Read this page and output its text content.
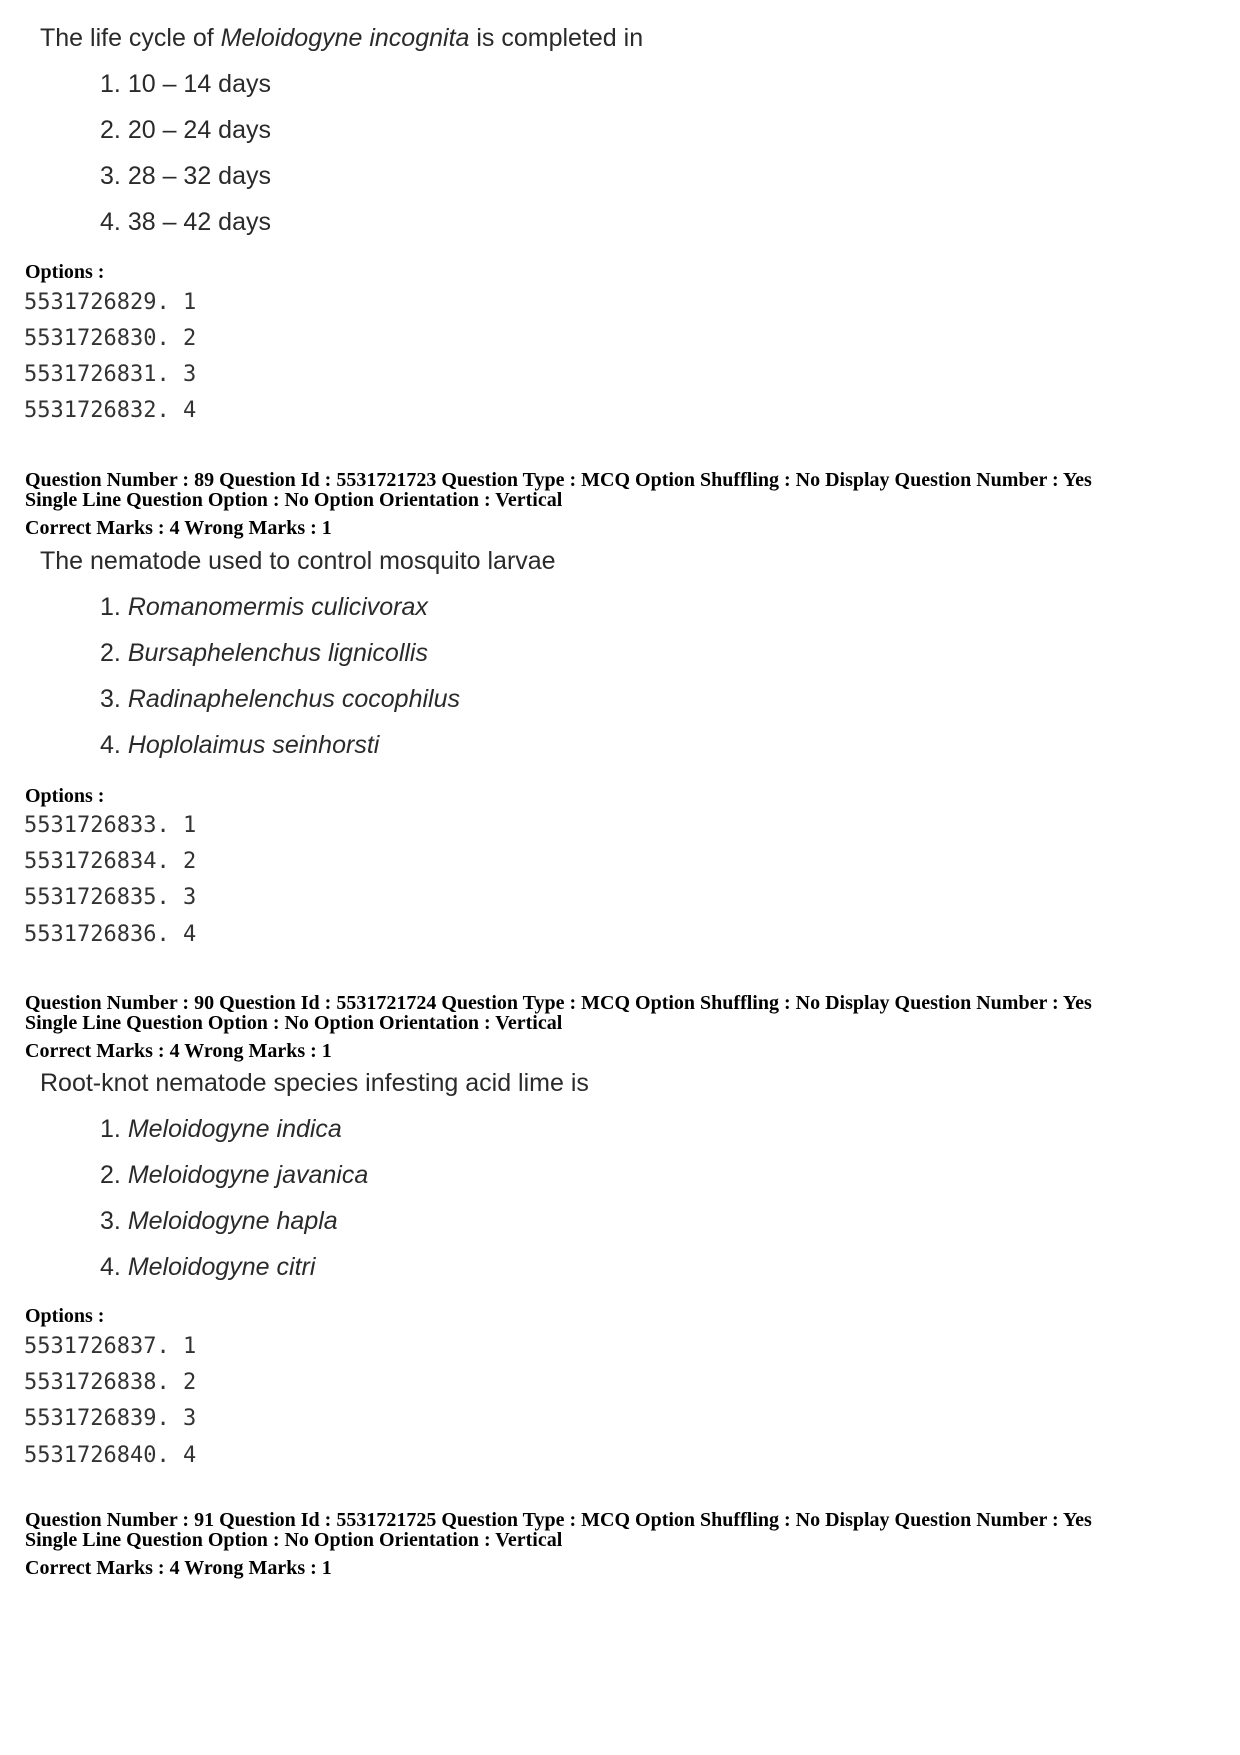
The life cycle of Meloidogyne incognita is completed in
1. 10 – 14 days
2. 20 – 24 days
3. 28 – 32 days
4. 38 – 42 days
Options :
5531726829. 1
5531726830. 2
5531726831. 3
5531726832. 4
Question Number : 89 Question Id : 5531721723 Question Type : MCQ Option Shuffling : No Display Question Number : Yes
Single Line Question Option : No Option Orientation : Vertical
Correct Marks : 4 Wrong Marks : 1
The nematode used to control mosquito larvae
1. Romanomermis culicivorax
2. Bursaphelenchus lignicollis
3. Radinaphelenchus cocophilus
4. Hoplolaimus seinhorsti
Options :
5531726833. 1
5531726834. 2
5531726835. 3
5531726836. 4
Question Number : 90 Question Id : 5531721724 Question Type : MCQ Option Shuffling : No Display Question Number : Yes
Single Line Question Option : No Option Orientation : Vertical
Correct Marks : 4 Wrong Marks : 1
Root-knot nematode species infesting acid lime is
1. Meloidogyne indica
2. Meloidogyne javanica
3. Meloidogyne hapla
4. Meloidogyne citri
Options :
5531726837. 1
5531726838. 2
5531726839. 3
5531726840. 4
Question Number : 91 Question Id : 5531721725 Question Type : MCQ Option Shuffling : No Display Question Number : Yes
Single Line Question Option : No Option Orientation : Vertical
Correct Marks : 4 Wrong Marks : 1
